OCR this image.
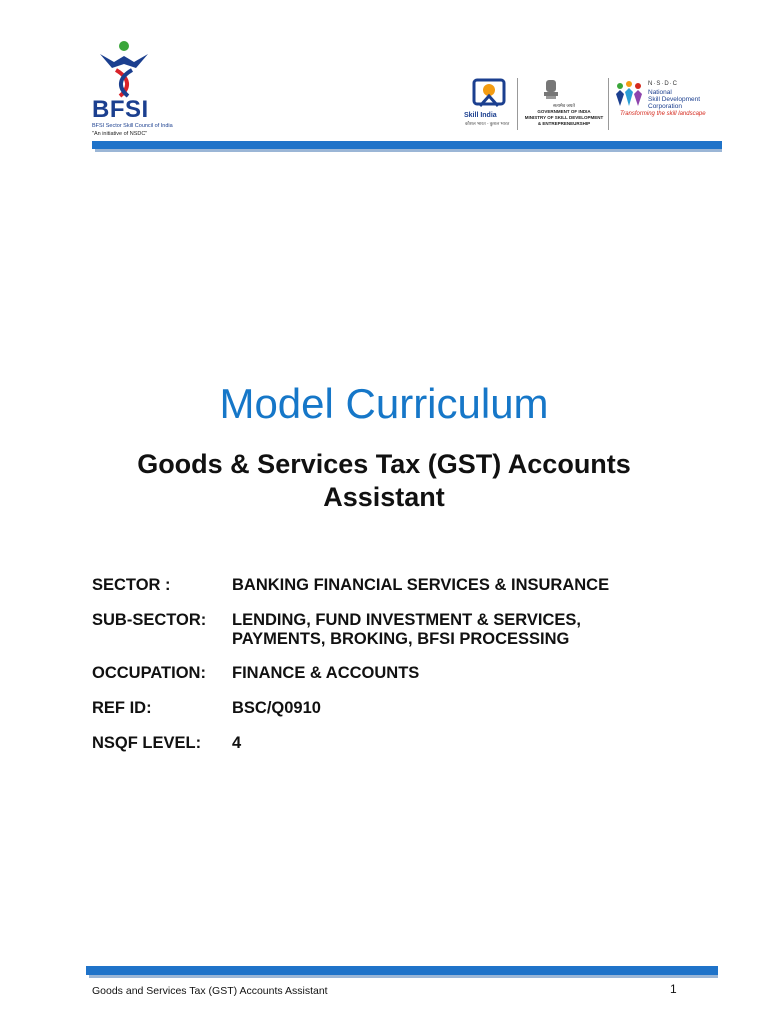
BFSI
BFSI Sector Skill Council of India
"An initiative of NSDC"
Skill India
कौशल भारत - कुशल भारत
सत्यमेव जयते
GOVERNMENT OF INDIA
MINISTRY OF SKILL DEVELOPMENT
& ENTREPRENEURSHIP
N·S·D·C
National
Skill Development
Corporation
Transforming the skill landscape
Model Curriculum
Goods & Services Tax (GST) Accounts
Assistant
SECTOR :	BANKING FINANCIAL SERVICES & INSURANCE
SUB-SECTOR: LENDING, FUND INVESTMENT & SERVICES,
PAYMENTS, BROKING, BFSI PROCESSING
OCCUPATION: FINANCE & ACCOUNTS
REF ID:	BSC/Q0910
NSQF LEVEL: 4
Goods and Services Tax (GST) Accounts Assistant	1
